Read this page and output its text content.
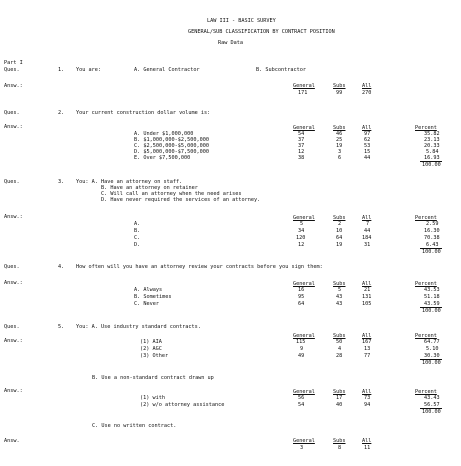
LAW III - BASIC SURVEY
GENERAL/SUB CLASSIFICATION BY CONTRACT POSITION
Raw Data
Part I
Ques.	1. You are:	A. General Contractor	B. Subcontractor
Answ.:	General	Subs	All
171	99	270
Ques.	2. Your current construction dollar volume is:
Answ.:	General	Subs	All	Percent
A. Under $1,000,000	54	46	97	35.82
B. $1,000,000-$2,500,000	37	25	62	23.13
C. $2,500,000-$5,000,000	37	19	53	20.33
D. $5,000,000-$7,500,000	12	3	15	5.84
E. Over $7,500,000	38	6	44	16.93
100.00
Ques.	3. You: A. Have an attorney on staff.
B. Have an attorney on retainer
C. Will call an attorney when the need arises
D. Have never required the services of an attorney.
Answ.:	General	Subs	All	Percent
A.	5	2	7	2.59
B.	34	10	44	16.30
C.	120	64	184	70.38
D.	12	19	31	6.43
100.00
Ques.	4. How often will you have an attorney review your contracts before you sign them:
Answ.:	General	Subs	All	Percent
A. Always	16	5	21	43.53
B. Sometimes	95	43	131	51.18
C. Never	64	43	105	43.59
100.00
Ques.	5. You: A. Use industry standard contracts.
Answ.:
General	Subs	All	Percent
(1) AIA	115	50	167	64.77
(2) AGC	9	4	13	5.10
(3) Other	49	28	77	30.30
100.00
B. Use a non-standard contract drawn up
Answ.:	General	Subs	All	Percent
(1) with	56	17	73	43.43
(2) w/o attorney assistance	54	40	94	56.57
100.00
C. Use no written contract.
Answ.	General	Subs	All
3	8	11
